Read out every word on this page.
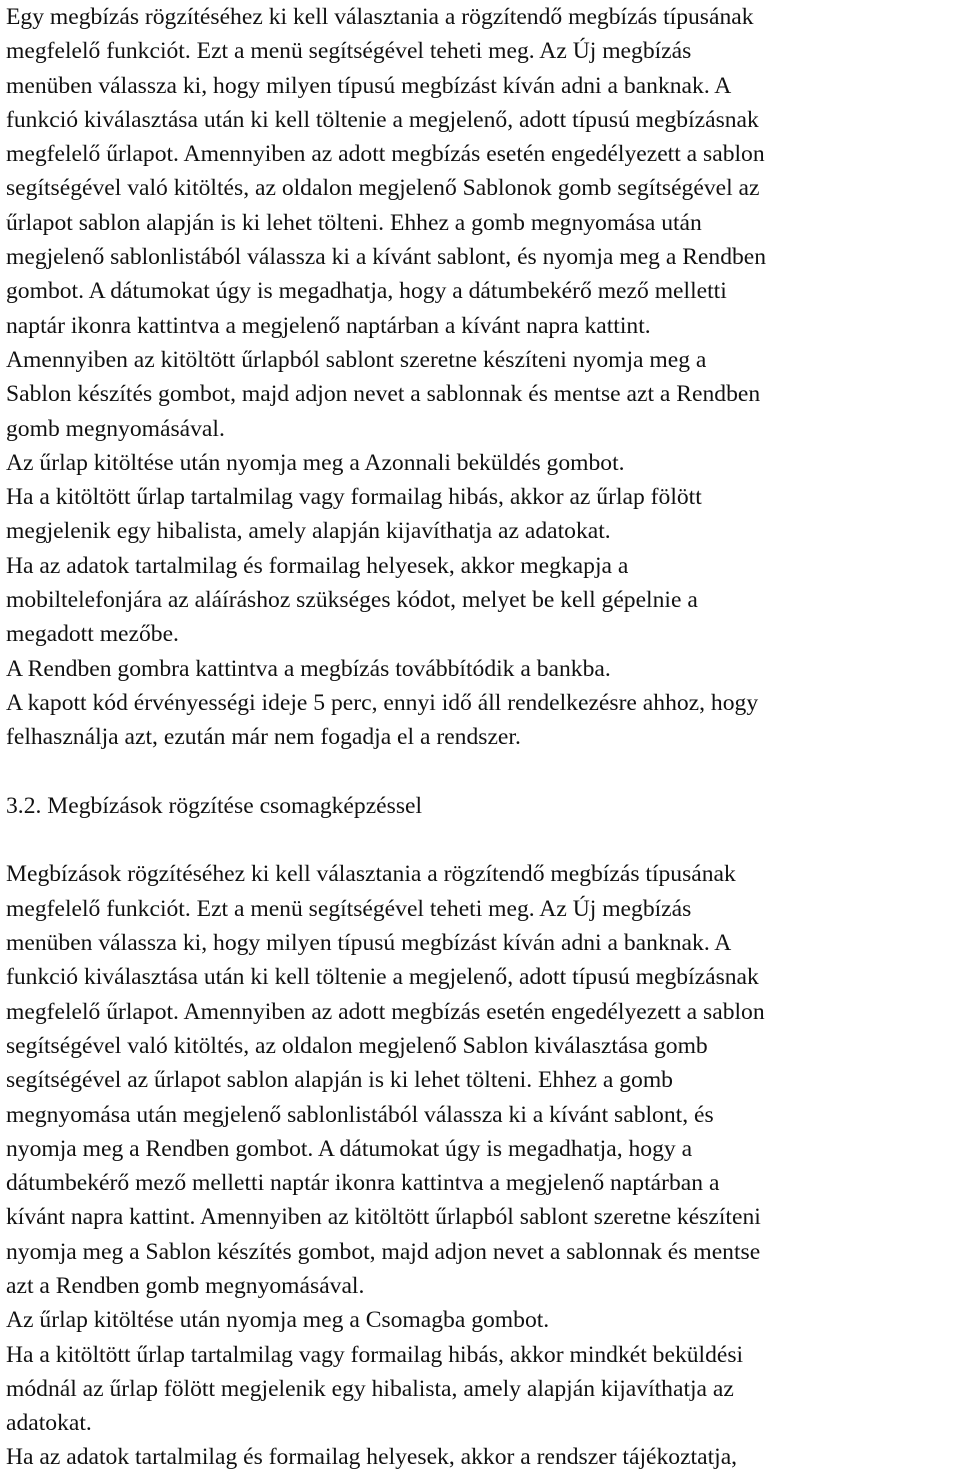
Egy megbízás rögzítéséhez ki kell választania a rögzítendő megbízás típusának
megfelelő funkciót. Ezt a menü segítségével teheti meg. Az Új megbízás
menüben válassza ki, hogy milyen típusú megbízást kíván adni a banknak. A
funkció kiválasztása után ki kell töltenie a megjelenő, adott típusú megbízásnak
megfelelő űrlapot. Amennyiben az adott megbízás esetén engedélyezett a sablon
segítségével való kitöltés, az oldalon megjelenő Sablonok gomb segítségével az
űrlapot sablon alapján is ki lehet tölteni. Ehhez a gomb megnyomása után
megjelenő sablonlistából válassza ki a kívánt sablont, és nyomja meg a Rendben
gombot. A dátumokat úgy is megadhatja, hogy a dátumbekérő mező melletti
naptár ikonra kattintva a megjelenő naptárban a kívánt napra kattint.
Amennyiben az kitöltött űrlapból sablont szeretne készíteni nyomja meg a
Sablon készítés gombot, majd adjon nevet a sablonnak és mentse azt a Rendben
gomb megnyomásával.
Az űrlap kitöltése után nyomja meg a Azonnali beküldés gombot.
Ha a kitöltött űrlap tartalmilag vagy formailag hibás, akkor az űrlap fölött
megjelenik egy hibalista, amely alapján kijavíthatja az adatokat.
Ha az adatok tartalmilag és formailag helyesek, akkor megkapja a
mobiltelefonjára az aláíráshoz szükséges kódot, melyet be kell gépelnie a
megadott mezőbe.
A Rendben gombra kattintva a megbízás továbbítódik a bankba.
A kapott kód érvényességi ideje 5 perc, ennyi idő áll rendelkezésre ahhoz, hogy
felhasználja azt, ezután már nem fogadja el a rendszer.
3.2. Megbízások rögzítése csomagképzéssel
Megbízások rögzítéséhez ki kell választania a rögzítendő megbízás típusának
megfelelő funkciót. Ezt a menü segítségével teheti meg. Az Új megbízás
menüben válassza ki, hogy milyen típusú megbízást kíván adni a banknak. A
funkció kiválasztása után ki kell töltenie a megjelenő, adott típusú megbízásnak
megfelelő űrlapot. Amennyiben az adott megbízás esetén engedélyezett a sablon
segítségével való kitöltés, az oldalon megjelenő Sablon kiválasztása gomb
segítségével az űrlapot sablon alapján is ki lehet tölteni. Ehhez a gomb
megnyomása után megjelenő sablonlistából válassza ki a kívánt sablont, és
nyomja meg a Rendben gombot. A dátumokat úgy is megadhatja, hogy a
dátumbekérő mező melletti naptár ikonra kattintva a megjelenő naptárban a
kívánt napra kattint. Amennyiben az kitöltött űrlapból sablont szeretne készíteni
nyomja meg a Sablon készítés gombot, majd adjon nevet a sablonnak és mentse
azt a Rendben gomb megnyomásával.
Az űrlap kitöltése után nyomja meg a Csomagba gombot.
Ha a kitöltött űrlap tartalmilag vagy formailag hibás, akkor mindkét beküldési
módnál az űrlap fölött megjelenik egy hibalista, amely alapján kijavíthatja az
adatokat.
Ha az adatok tartalmilag és formailag helyesek, akkor a rendszer tájékoztatja,
